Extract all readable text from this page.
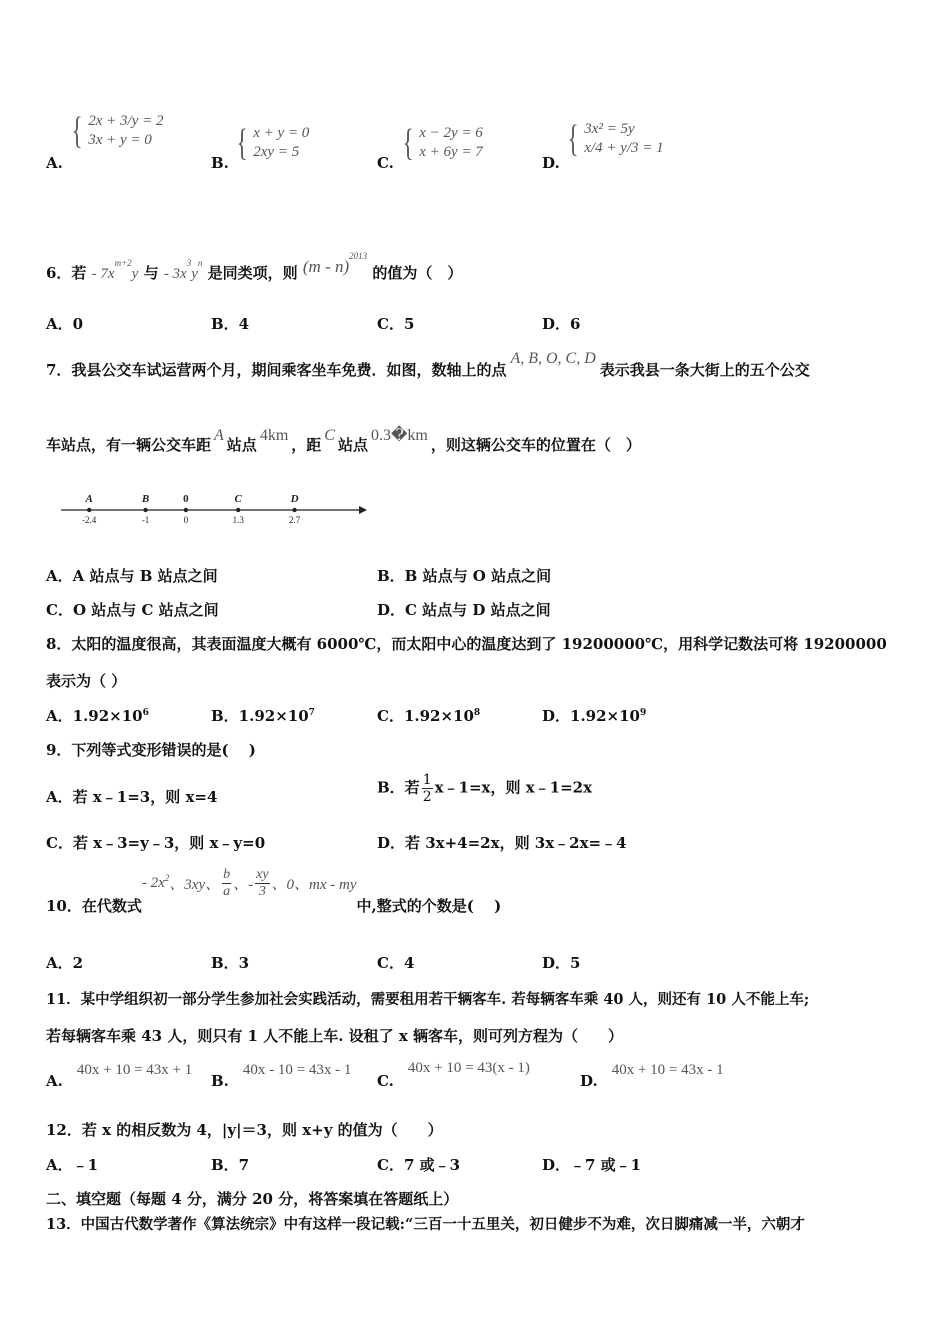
A.
{ 2x + 3/y = 2
3x + y = 0
B. { x + y = 0
2xy = 5
C. { x − 2y = 6
x + 6y = 7
D.
{ 3x² = 5y
x/4 + y/3 = 1
6．若 - $7x^{m+2}y$ 与 - $3x^3y^n$ 是同类项，则 (m - n)$^{2013}$ 的值为（　）
A．0	B．4	C．5	D．6
7．我县公交车试运营两个月，期间乘客坐车免费．如图，数轴上的点A, B, O, C, D表示我县一条大街上的五个公交
车站点，有一辆公交车距A站点4km，距C站点0.3�km，则这辆公交车的位置在（　）
A
-2.4
B
-1
0
0
C
1.3
D
2.7
A．A 站点与 B 站点之间	B．B 站点与 O 站点之间
C．O 站点与 C 站点之间	D．C 站点与 D 站点之间
8．太阳的温度很高，其表面温度大概有 6000℃，而太阳中心的温度达到了 19200000℃，用科学记数法可将 19200000
表示为（ ）
A．$1.92\times 10^6$	B．$1.92\times 10^7$	C．$1.92\times 10^8$	D．$1.92\times 10^9$
9．下列等式变形错误的是(　 )
A．若 x﹣1=3，则 x=4
B．若 $\frac{1}{2}$ x﹣1=x，则 x﹣1=2x
C．若 x﹣3=y﹣3，则 x﹣y=0	D．若 3x+4=2x，则 3x﹣2x=﹣4
10．在代数式
- $2x^2$ 、3xy、 $\frac{b}{a}$ 、- $\frac{xy}{3}$ 、0、mx - my
中,整式的个数是(　 )
A．2	B．3	C．4	D．5
11．某中学组织初一部分学生参加社会实践活动，需要租用若干辆客车. 若每辆客车乘 40 人，则还有 10 人不能上车;
若每辆客车乘 43 人，则只有 1 人不能上车. 设租了 x 辆客车，则可列方程为（　　）
A.40x + 10 = 43x + 1
B.40x - 10 = 43x - 1
C.40x + 10 = 43(x - 1)
D.40x + 10 = 43x - 1
12．若 x 的相反数为 4，|y|＝3，则 x+y 的值为（　　）
A．﹣1	B．7	C．7 或﹣3	D．﹣7 或﹣1
二、填空题（每题 4 分，满分 20 分，将答案填在答题纸上）
13．中国古代数学著作《算法统宗》中有这样一段记载:“三百一十五里关，初日健步不为难，次日脚痛减一半，六朝才
